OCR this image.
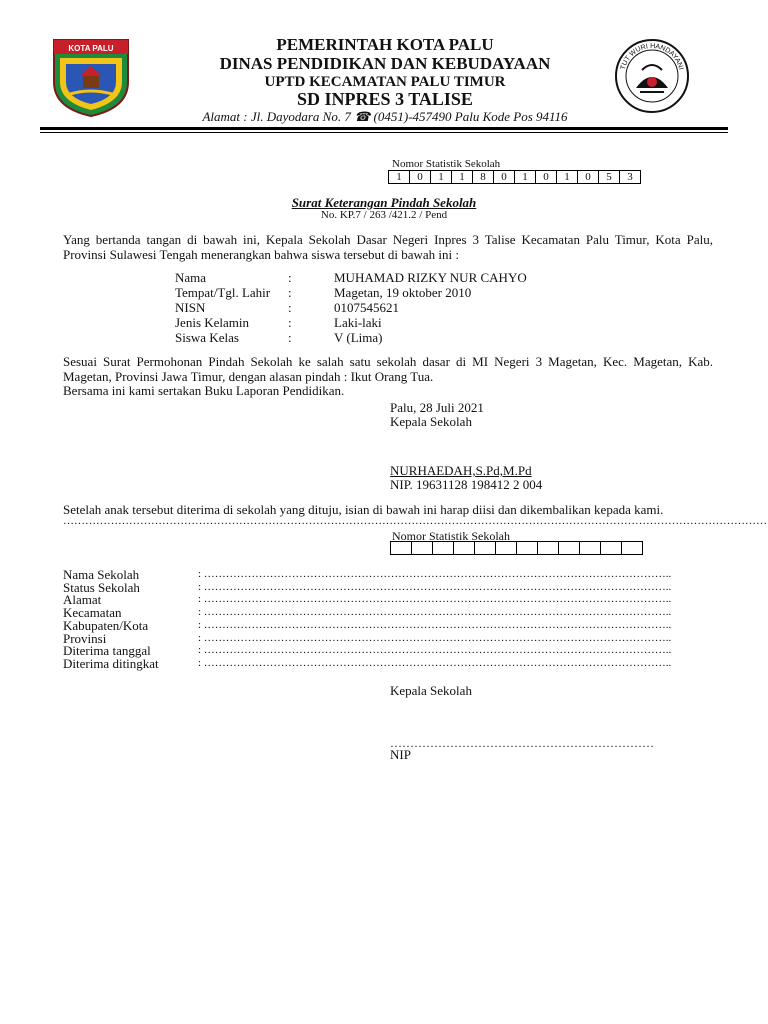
KOTA PALU
TUT WURI HANDAYANI
PEMERINTAH KOTA PALU
DINAS PENDIDIKAN DAN KEBUDAYAAN
UPTD KECAMATAN PALU TIMUR
SD INPRES 3 TALISE
Alamat : Jl. Dayodara No. 7 ☎ (0451)-457490 Palu Kode Pos 94116
Nomor Statistik Sekolah
1	0	1	1	8	0	1	0	1	0	5	3
Surat Keterangan Pindah Sekolah
No. KP.7 / 263 /421.2 / Pend
Yang bertanda tangan di bawah ini, Kepala Sekolah Dasar Negeri Inpres 3 Talise Kecamatan Palu Timur, Kota Palu, Provinsi Sulawesi Tengah menerangkan bahwa siswa tersebut di bawah ini :
Nama	:	MUHAMAD RIZKY NUR CAHYO
Tempat/Tgl. Lahir :	Magetan, 19 oktober 2010
NISN	:	0107545621
Jenis Kelamin	:	Laki-laki
Siswa Kelas	:	V (Lima)
Sesuai Surat Permohonan Pindah Sekolah ke salah satu sekolah dasar di MI Negeri 3 Magetan, Kec. Magetan, Kab. Magetan, Provinsi Jawa Timur, dengan alasan pindah : Ikut Orang Tua.
Bersama ini kami sertakan Buku Laporan Pendidikan.
Palu, 28 Juli 2021
Kepala Sekolah
NURHAEDAH,S.Pd,M.Pd
NIP. 19631128 198412 2 004
Setelah anak tersebut diterima di sekolah yang dituju, isian di bawah ini harap diisi dan dikembalikan kepada kami.
…………………………………………………………………………………………………………………………………………………………………………
Nomor Statistik Sekolah
Nama Sekolah	: ………………………………………………………………………………………………………………..
Status Sekolah	: ………………………………………………………………………………………………………………..
Alamat	: ………………………………………………………………………………………………………………..
Kecamatan	: ………………………………………………………………………………………………………………..
Kabupaten/Kota	: ………………………………………………………………………………………………………………..
Provinsi	: ………………………………………………………………………………………………………………..
Diterima tanggal	: ………………………………………………………………………………………………………………..
Diterima ditingkat	: ………………………………………………………………………………………………………………..
Kepala Sekolah
…………………………………………………………
NIP
